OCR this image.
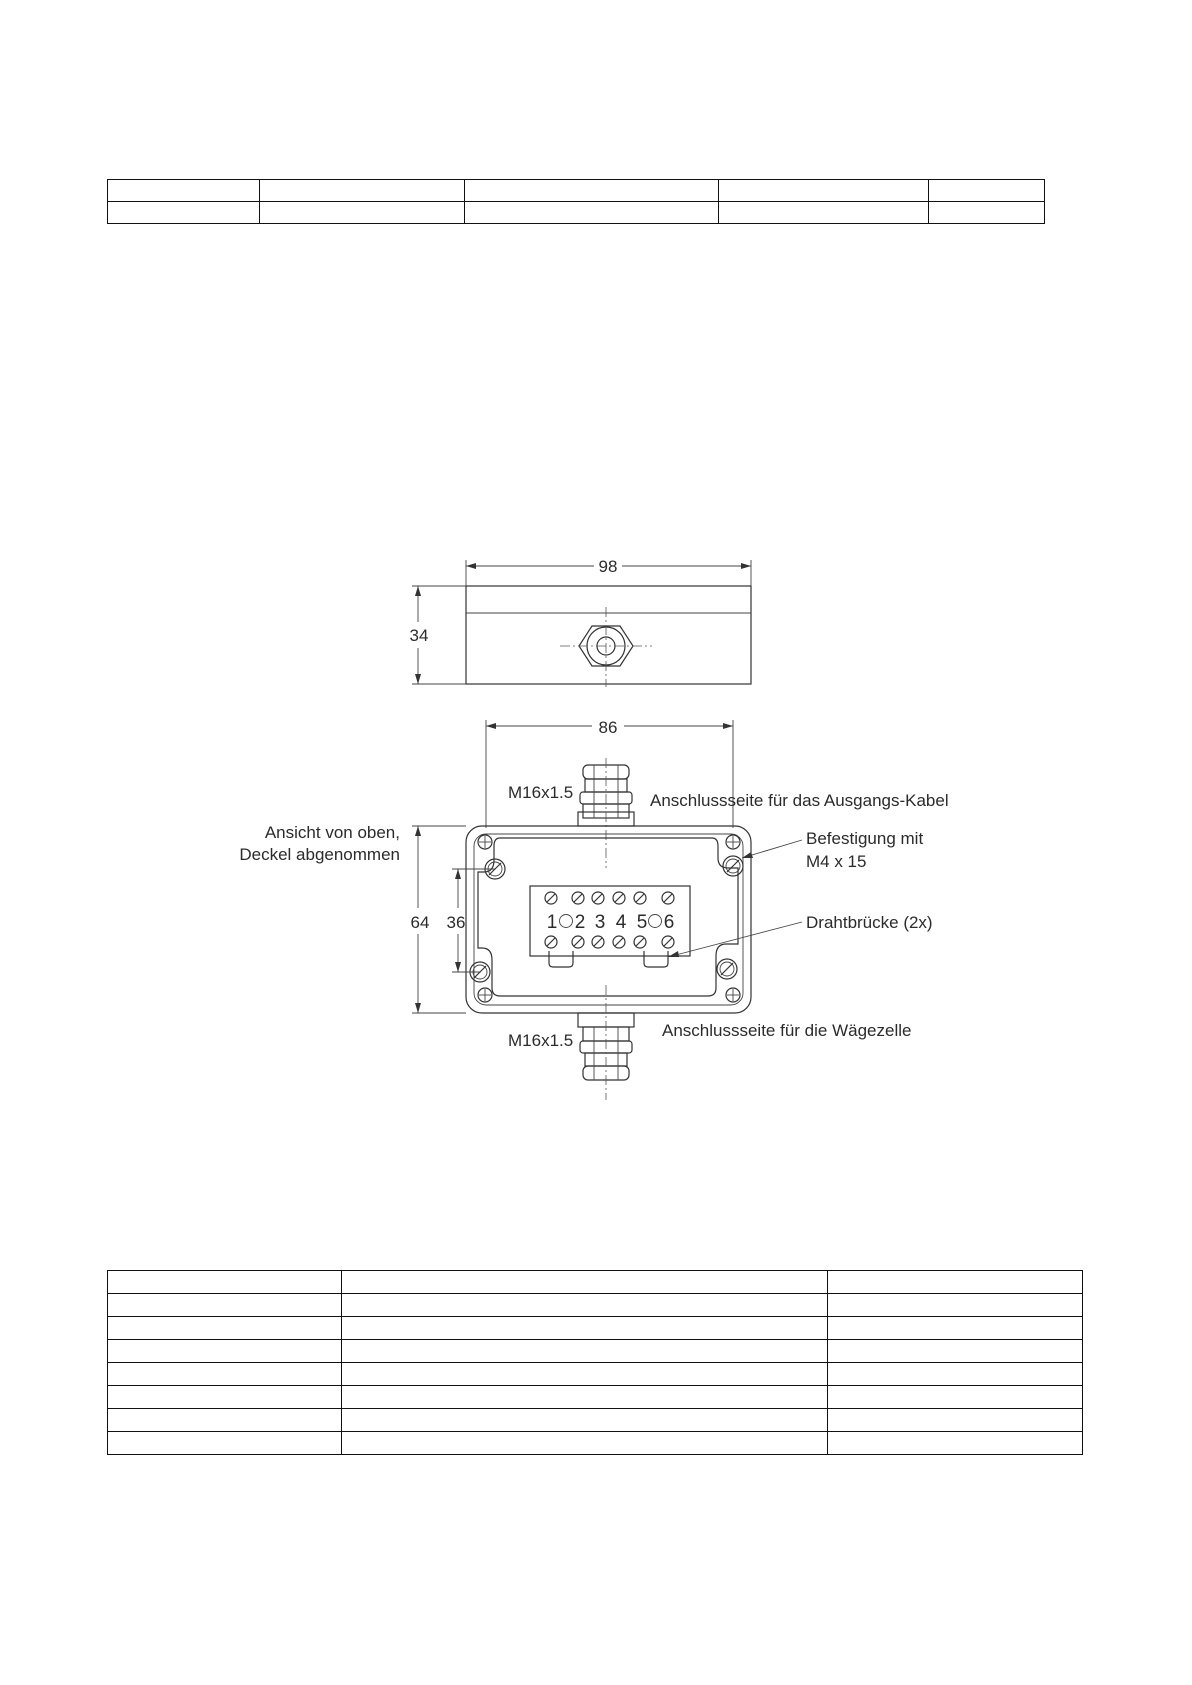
98
34
86
1 2 3 4 5 6
64 36
M16x1.5	Anschlussseite für das Ausgangs-Kabel
Ansicht von oben,
Deckel abgenommen
Befestigung mit
M4 x 15
Drahtbrücke (2x)
M16x1.5
Anschlussseite für die Wägezelle
